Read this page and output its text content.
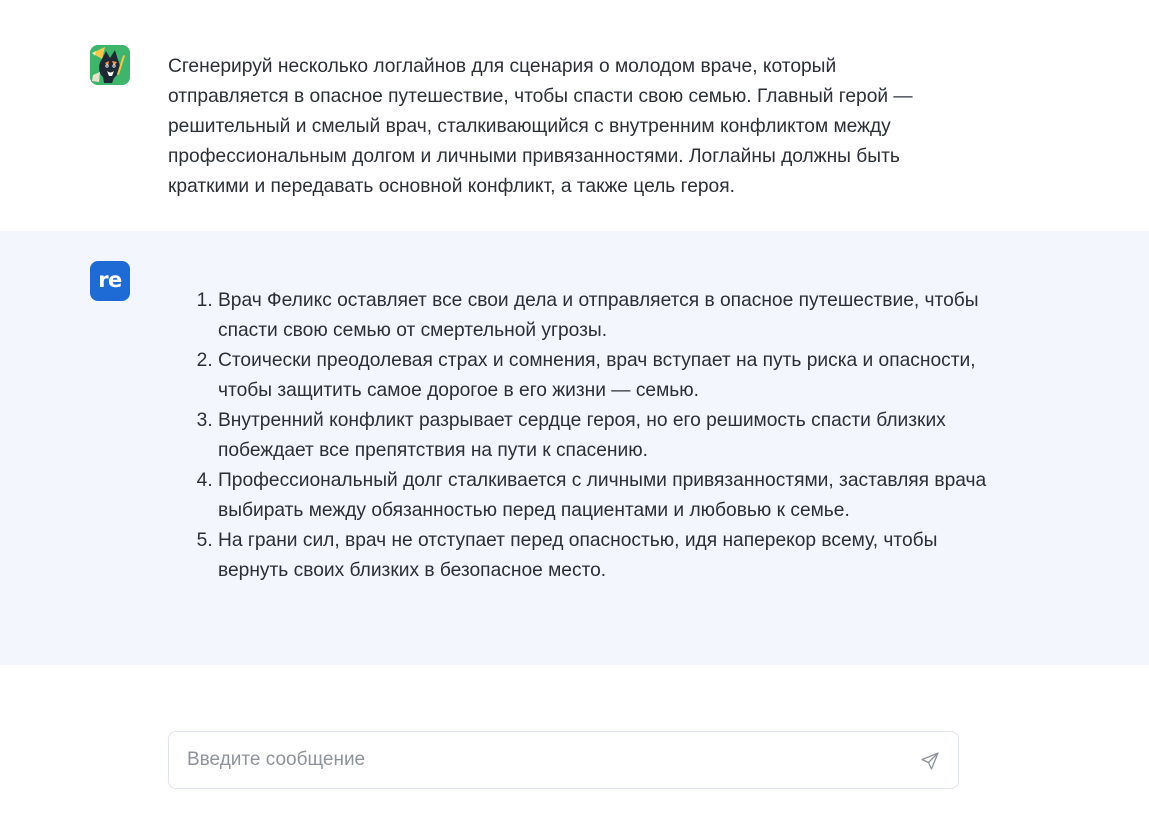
Сгенерируй несколько логлайнов для сценария о молодом враче, который отправляется в опасное путешествие, чтобы спасти свою семью. Главный герой — решительный и смелый врач, сталкивающийся с внутренним конфликтом между профессиональным долгом и личными привязанностями. Логлайны должны быть краткими и передавать основной конфликт, а также цель героя.
re
1. Врач Феликс оставляет все свои дела и отправляется в опасное путешествие, чтобы спасти свою семью от смертельной угрозы.
2. Стоически преодолевая страх и сомнения, врач вступает на путь риска и опасности, чтобы защитить самое дорогое в его жизни — семью.
3. Внутренний конфликт разрывает сердце героя, но его решимость спасти близких побеждает все препятствия на пути к спасению.
4. Профессиональный долг сталкивается с личными привязанностями, заставляя врача выбирать между обязанностью перед пациентами и любовью к семье.
5. На грани сил, врач не отступает перед опасностью, идя наперекор всему, чтобы вернуть своих близких в безопасное место.
Введите сообщение
